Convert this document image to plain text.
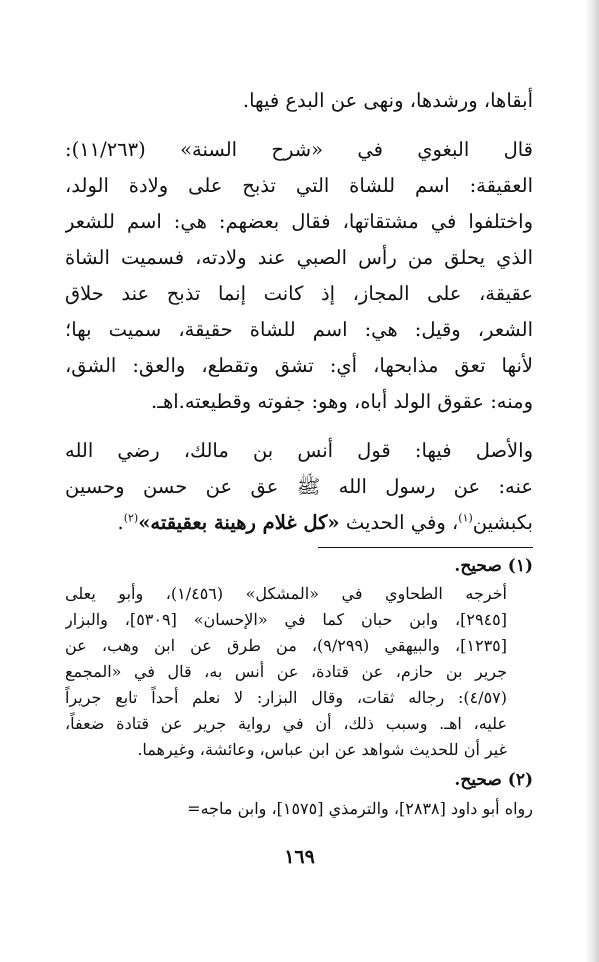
أبقاها، ورشدها، ونهى عن البدع فيها.
قال البغوي في «شرح السنة» (١١/٢٦٣):
العقيقة: اسم للشاة التي تذبح على ولادة الولد،
واختلفوا في مشتقاتها، فقال بعضهم: هي: اسم للشعر
الذي يحلق من رأس الصبي عند ولادته، فسميت الشاة
عقيقة، على المجاز، إذ كانت إنما تذبح عند حلاق
الشعر، وقيل: هي: اسم للشاة حقيقة، سميت بها؛
لأنها تعق مذابحها، أي: تشق وتقطع، والعق: الشق،
ومنه: عقوق الولد أباه، وهو: جفوته وقطيعته.اهـ.
والأصل فيها: قول أنس بن مالك، رضي الله
عنه: عن رسول الله ﷺ عق عن حسن وحسين
بكبشين$^{(١)}$، وفي الحديث «كل غلام رهينة بعقيقته»$^{(٢)}$.
(١) صحيح.
أخرجه الطحاوي في «المشكل» (١/٤٥٦)، وأبو يعلى
[٢٩٤٥]، وابن حبان كما في «الإحسان» [٥٣٠٩]، والبزار
[١٢٣٥]، والبيهقي (٩/٢٩٩)، من طرق عن ابن وهب، عن
جرير بن حازم، عن قتادة، عن أنس به، قال في «المجمع
(٤/٥٧): رجاله ثقات، وقال البزار: لا نعلم أحداً تابع جريراً
عليه، اهـ. وسبب ذلك، أن في رواية جرير عن قتادة ضعفاً،
غير أن للحديث شواهد عن ابن عباس، وعائشة، وغيرهما.
(٢) صحيح.
رواه أبو داود [٢٨٣٨]، والترمذي [١٥٧٥]، وابن ماجه=
١٦٩
